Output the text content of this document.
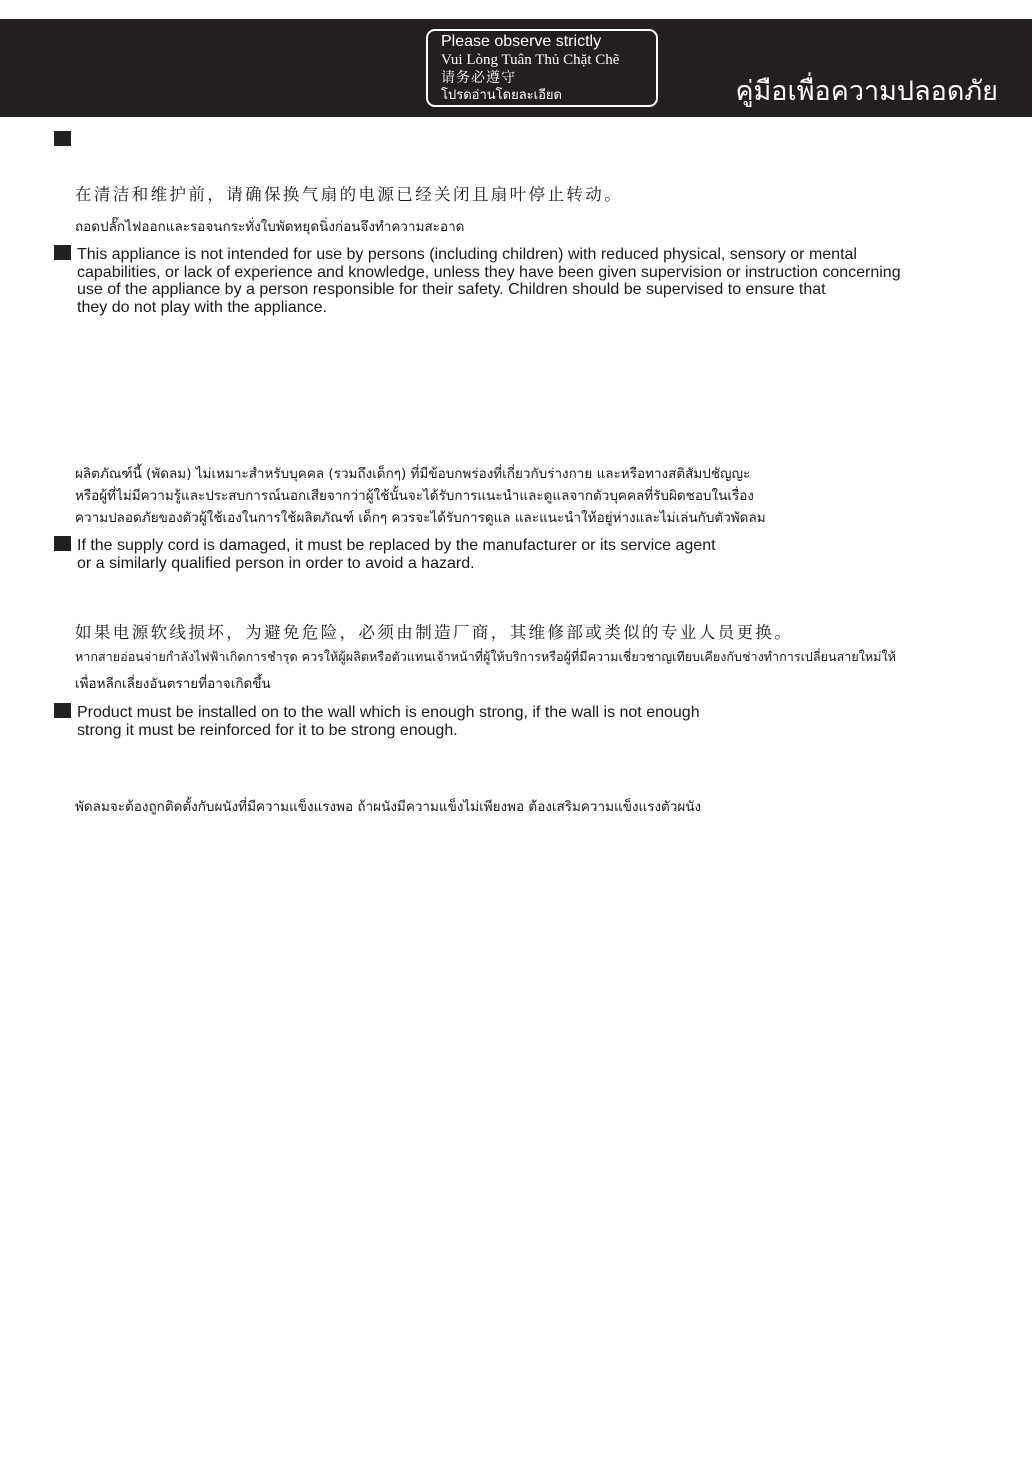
Please observe strictly
Vui Lòng Tuân Thủ Chặt Chẽ
请务必遵守
โปรดอ่านโดยละเอียด	คู่มือเพื่อความปลอดภัย
在清洁和维护前，请确保换气扇的电源已经关闭且扇叶停止转动。
ถอดปลั๊กไฟออกและรอจนกระทั่งใบพัดหยุดนิ่งก่อนจึงทำความสะอาด
This appliance is not intended for use by persons (including children) with reduced physical, sensory or mental
capabilities, or lack of experience and knowledge, unless they have been given supervision or instruction concerning
use of the appliance by a person responsible for their safety. Children should be supervised to ensure that
they do not play with the appliance.
ผลิตภัณฑ์นี้ (พัดลม) ไม่เหมาะสำหรับบุคคล (รวมถึงเด็กๆ) ที่มีข้อบกพร่องที่เกี่ยวกับร่างกาย และหรือทางสติสัมปชัญญะ
หรือผู้ที่ไม่มีความรู้และประสบการณ์นอกเสียจากว่าผู้ใช้นั้นจะได้รับการแนะนำและดูแลจากตัวบุคคลที่รับผิดชอบในเรื่อง
ความปลอดภัยของตัวผู้ใช้เองในการใช้ผลิตภัณฑ์ เด็กๆ ควรจะได้รับการดูแล และแนะนำให้อยู่ห่างและไม่เล่นกับตัวพัดลม
If the supply cord is damaged, it must be replaced by the manufacturer or its service agent
or a similarly qualified person in order to avoid a hazard.
如果电源软线损坏，为避免危险，必须由制造厂商，其维修部或类似的专业人员更换。
หากสายอ่อนจ่ายกำลังไฟฟ้าเกิดการชำรุด ควรให้ผู้ผลิตหรือตัวแทนเจ้าหน้าที่ผู้ให้บริการหรือผู้ที่มีความเชี่ยวชาญเทียบเคียงกับช่างทำการเปลี่ยนสายใหม่ให้
เพื่อหลีกเลี่ยงอันตรายที่อาจเกิดขึ้น
Product must be installed on to the wall which is enough strong, if the wall is not enough
strong it must be reinforced for it to be strong enough.
พัดลมจะต้องถูกติดตั้งกับผนังที่มีความแข็งแรงพอ ถ้าผนังมีความแข็งไม่เพียงพอ ต้องเสริมความแข็งแรงตัวผนัง
